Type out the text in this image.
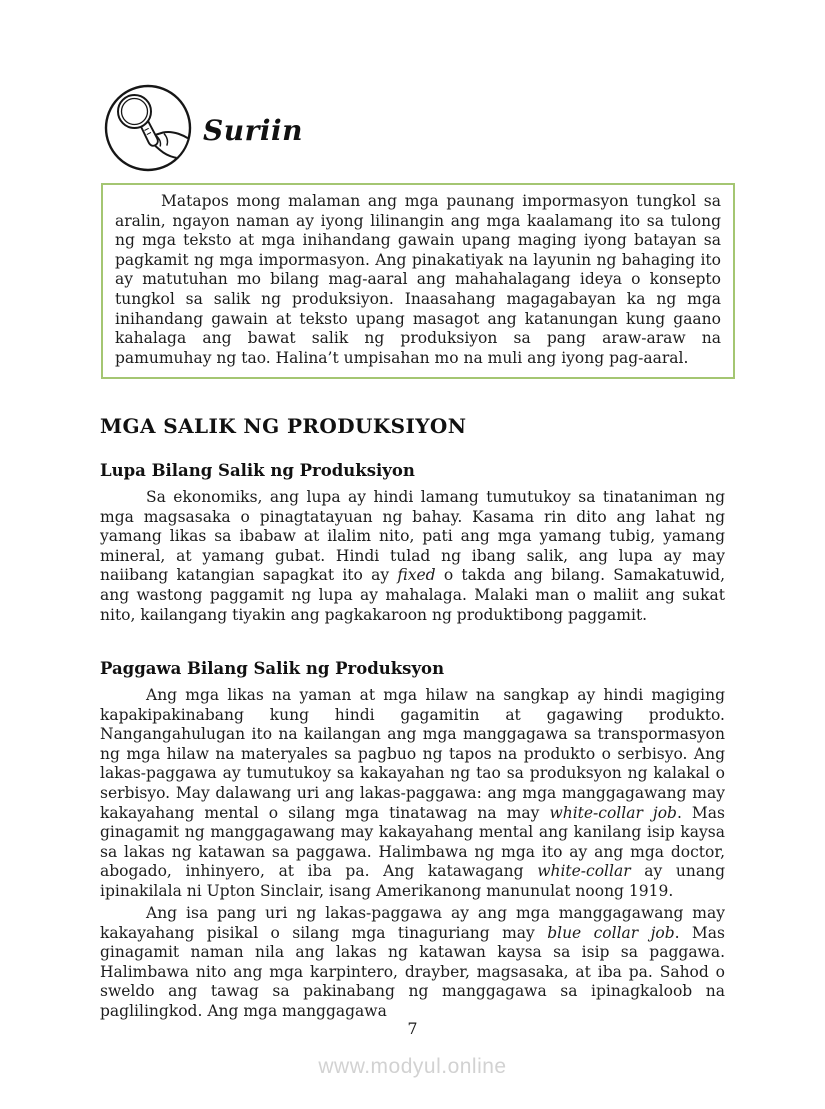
Suriin

Matapos mong malaman ang mga paunang impormasyon tungkol sa aralin, ngayon naman ay iyong lilinangin ang mga kaalamang ito sa tulong ng mga teksto at mga inihandang gawain upang maging iyong batayan sa pagkamit ng mga impormasyon. Ang pinakatiyak na layunin ng bahaging ito ay matutuhan mo bilang mag-aaral ang mahahalagang ideya o konsepto tungkol sa salik ng produksiyon. Inaasahang magagabayan ka ng mga inihandang gawain at teksto upang masagot ang katanungan kung gaano kahalaga ang bawat salik ng produksiyon sa pang araw-araw na pamumuhay ng tao. Halina’t umpisahan mo na muli ang iyong pag-aaral.

MGA SALIK NG PRODUKSIYON
Lupa Bilang Salik ng Produksiyon

Sa ekonomiks, ang lupa ay hindi lamang tumutukoy sa tinataniman ng mga magsasaka o pinagtatayuan ng bahay. Kasama rin dito ang lahat ng yamang likas sa ibabaw at ilalim nito, pati ang mga yamang tubig, yamang mineral, at yamang gubat. Hindi tulad ng ibang salik, ang lupa ay may naiibang katangian sapagkat ito ay fixed o takda ang bilang. Samakatuwid, ang wastong paggamit ng lupa ay mahalaga. Malaki man o maliit ang sukat nito, kailangang tiyakin ang pagkakaroon ng produktibong paggamit.

Paggawa Bilang Salik ng Produksyon

Ang mga likas na yaman at mga hilaw na sangkap ay hindi magiging kapakipakinabang kung hindi gagamitin at gagawing produkto. Nangangahulugan ito na kailangan ang mga manggagawa sa transpormasyon ng mga hilaw na materyales sa pagbuo ng tapos na produkto o serbisyo. Ang lakas-paggawa ay tumutukoy sa kakayahan ng tao sa produksyon ng kalakal o serbisyo. May dalawang uri ang lakas-paggawa: ang mga manggagawang may kakayahang mental o silang mga tinatawag na may white-collar job. Mas ginagamit ng manggagawang may kakayahang mental ang kanilang isip kaysa sa lakas ng katawan sa paggawa. Halimbawa ng mga ito ay ang mga doctor, abogado, inhinyero, at iba pa. Ang katawagang white-collar ay unang ipinakilala ni Upton Sinclair, isang Amerikanong manunulat noong 1919.

Ang isa pang uri ng lakas-paggawa ay ang mga manggagawang may kakayahang pisikal o silang mga tinaguriang may blue collar job. Mas ginagamit naman nila ang lakas ng katawan kaysa sa isip sa paggawa. Halimbawa nito ang mga karpintero, drayber, magsasaka, at iba pa. Sahod o sweldo ang tawag sa pakinabang ng manggagawa sa ipinagkaloob na paglilingkod. Ang mga manggagawa

7
www.modyul.online
